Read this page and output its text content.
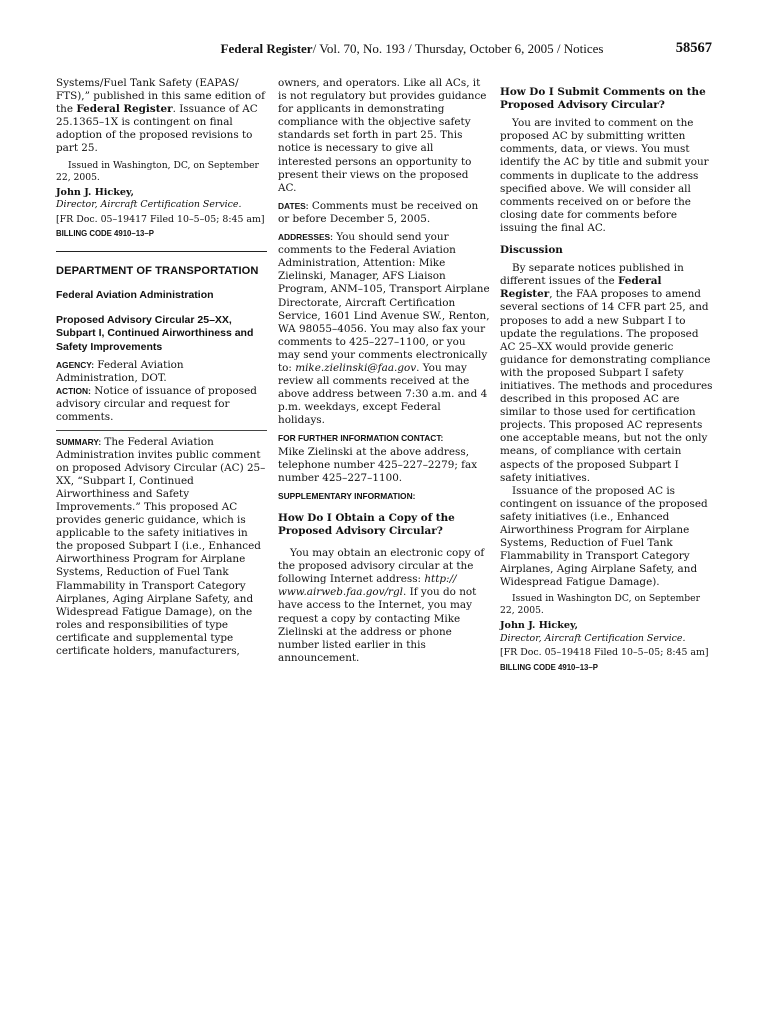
Federal Register/ Vol. 70, No. 193 / Thursday, October 6, 2005 / Notices	58567

Systems/Fuel Tank Safety (EAPAS/ FTS),” published in this same edition of the Federal Register. Issuance of AC 25.1365–1X is contingent on final adoption of the proposed revisions to part 25.

Issued in Washington, DC, on September 22, 2005.

John J. Hickey,

Director, Aircraft Certification Service.

[FR Doc. 05–19417 Filed 10–5–05; 8:45 am]

BILLING CODE 4910–13–P

DEPARTMENT OF TRANSPORTATION

Federal Aviation Administration

Proposed Advisory Circular 25–XX, Subpart I, Continued Airworthiness and Safety Improvements

AGENCY: Federal Aviation Administration, DOT.

ACTION: Notice of issuance of proposed advisory circular and request for comments.

SUMMARY: The Federal Aviation Administration invites public comment on proposed Advisory Circular (AC) 25–XX, “Subpart I, Continued Airworthiness and Safety Improvements.” This proposed AC provides generic guidance, which is applicable to the safety initiatives in the proposed Subpart I (i.e., Enhanced Airworthiness Program for Airplane Systems, Reduction of Fuel Tank Flammability in Transport Category Airplanes, Aging Airplane Safety, and Widespread Fatigue Damage), on the roles and responsibilities of type certificate and supplemental type certificate holders, manufacturers,

owners, and operators. Like all ACs, it is not regulatory but provides guidance for applicants in demonstrating compliance with the objective safety standards set forth in part 25. This notice is necessary to give all interested persons an opportunity to present their views on the proposed AC.

DATES: Comments must be received on or before December 5, 2005.

ADDRESSES: You should send your comments to the Federal Aviation Administration, Attention: Mike Zielinski, Manager, AFS Liaison Program, ANM–105, Transport Airplane Directorate, Aircraft Certification Service, 1601 Lind Avenue SW., Renton, WA 98055–4056. You may also fax your comments to 425–227–1100, or you may send your comments electronically to: mike.zielinski@faa.gov. You may review all comments received at the above address between 7:30 a.m. and 4 p.m. weekdays, except Federal holidays.

FOR FURTHER INFORMATION CONTACT:

Mike Zielinski at the above address, telephone number 425–227–2279; fax number 425–227–1100.

SUPPLEMENTARY INFORMATION:

How Do I Obtain a Copy of the Proposed Advisory Circular?

You may obtain an electronic copy of the proposed advisory circular at the following Internet address: http:// www.airweb.faa.gov/rgl. If you do not have access to the Internet, you may request a copy by contacting Mike Zielinski at the address or phone number listed earlier in this announcement.

How Do I Submit Comments on the Proposed Advisory Circular?

You are invited to comment on the proposed AC by submitting written comments, data, or views. You must identify the AC by title and submit your comments in duplicate to the address specified above. We will consider all comments received on or before the closing date for comments before issuing the final AC.

Discussion

By separate notices published in different issues of the Federal Register, the FAA proposes to amend several sections of 14 CFR part 25, and proposes to add a new Subpart I to update the regulations. The proposed AC 25–XX would provide generic guidance for demonstrating compliance with the proposed Subpart I safety initiatives. The methods and procedures described in this proposed AC are similar to those used for certification projects. This proposed AC represents one acceptable means, but not the only means, of compliance with certain aspects of the proposed Subpart I safety initiatives.

Issuance of the proposed AC is contingent on issuance of the proposed safety initiatives (i.e., Enhanced Airworthiness Program for Airplane Systems, Reduction of Fuel Tank Flammability in Transport Category Airplanes, Aging Airplane Safety, and Widespread Fatigue Damage).

Issued in Washington DC, on September 22, 2005.

John J. Hickey,

Director, Aircraft Certification Service.

[FR Doc. 05–19418 Filed 10–5–05; 8:45 am]

BILLING CODE 4910–13–P
